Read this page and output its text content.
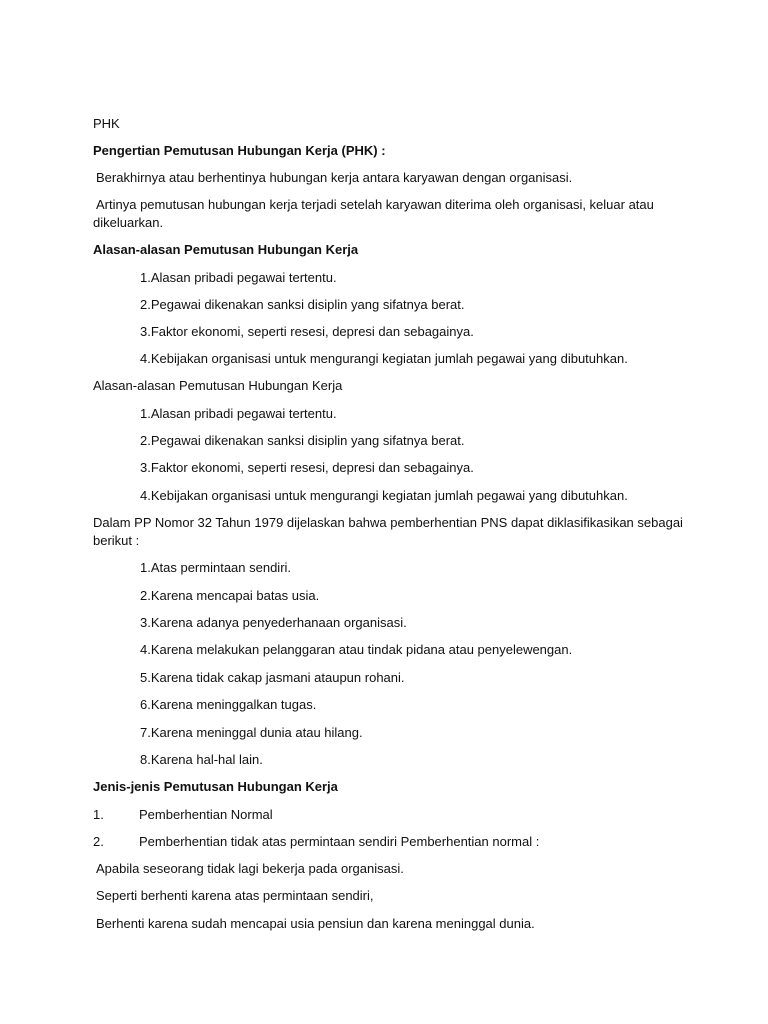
PHK
Pengertian Pemutusan Hubungan Kerja (PHK) :
Berakhirnya atau berhentinya hubungan kerja antara karyawan dengan organisasi.
Artinya pemutusan hubungan kerja terjadi setelah karyawan diterima oleh organisasi, keluar atau
dikeluarkan.
Alasan-alasan Pemutusan Hubungan Kerja
1.Alasan pribadi pegawai tertentu.
2.Pegawai dikenakan sanksi disiplin yang sifatnya berat.
3.Faktor ekonomi, seperti resesi, depresi dan sebagainya.
4.Kebijakan organisasi untuk mengurangi kegiatan jumlah pegawai yang dibutuhkan.
Alasan-alasan Pemutusan Hubungan Kerja
1.Alasan pribadi pegawai tertentu.
2.Pegawai dikenakan sanksi disiplin yang sifatnya berat.
3.Faktor ekonomi, seperti resesi, depresi dan sebagainya.
4.Kebijakan organisasi untuk mengurangi kegiatan jumlah pegawai yang dibutuhkan.
Dalam PP Nomor 32 Tahun 1979 dijelaskan bahwa pemberhentian PNS dapat diklasifikasikan sebagai
berikut :
1.Atas permintaan sendiri.
2.Karena mencapai batas usia.
3.Karena adanya penyederhanaan organisasi.
4.Karena melakukan pelanggaran atau tindak pidana atau penyelewengan.
5.Karena tidak cakap jasmani ataupun rohani.
6.Karena meninggalkan tugas.
7.Karena meninggal dunia atau hilang.
8.Karena hal-hal lain.
Jenis-jenis Pemutusan Hubungan Kerja
1.	Pemberhentian Normal
2.	Pemberhentian tidak atas permintaan sendiri Pemberhentian normal :
Apabila seseorang tidak lagi bekerja pada organisasi.
Seperti berhenti karena atas permintaan sendiri,
Berhenti karena sudah mencapai usia pensiun dan karena meninggal dunia.
